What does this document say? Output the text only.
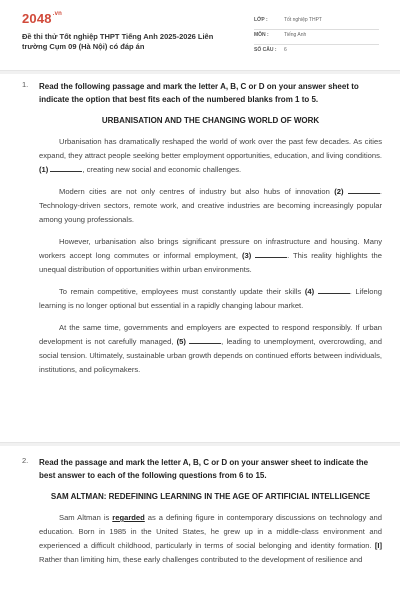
$2048^{.vn}$
Đề thi thử Tốt nghiệp THPT Tiếng Anh 2025-2026 Liên trường Cụm 09 (Hà Nội) có đáp án
LỚP :	Tốt nghiệp THPT
MÔN :	Tiếng Anh
SỐ CÂU : 6
1. Read the following passage and mark the letter A, B, C or D on your answer sheet to indicate the option that best fits each of the numbered blanks from 1 to 5.
URBANISATION AND THE CHANGING WORLD OF WORK

Urbanisation has dramatically reshaped the world of work over the past few decades. As cities expand, they attract people seeking better employment opportunities, education, and living conditions. (1)	, creating new social and economic challenges.

Modern cities are not only centres of industry but also hubs of innovation (2)	. Technology-driven sectors, remote work, and creative industries are becoming increasingly popular among young professionals.

However, urbanisation also brings significant pressure on infrastructure and housing. Many workers accept long commutes or informal employment, (3)	. This reality highlights the unequal distribution of opportunities within urban environments.

To remain competitive, employees must constantly update their skills (4)	. Lifelong learning is no longer optional but essential in a rapidly changing labour market.

At the same time, governments and employers are expected to respond responsibly. If urban development is not carefully managed, (5)	, leading to unemployment, overcrowding, and social tension. Ultimately, sustainable urban growth depends on continued efforts between individuals, institutions, and policymakers.

2. Read the passage and mark the letter A, B, C or D on your answer sheet to indicate the best answer to each of the following questions from 6 to 15.
SAM ALTMAN: REDEFINING LEARNING IN THE AGE OF ARTIFICIAL INTELLIGENCE

Sam Altman is regarded as a defining figure in contemporary discussions on technology and education. Born in 1985 in the United States, he grew up in a middle-class environment and experienced a difficult childhood, particularly in terms of social belonging and identity formation. [I] Rather than limiting him, these early challenges contributed to the development of resilience and
